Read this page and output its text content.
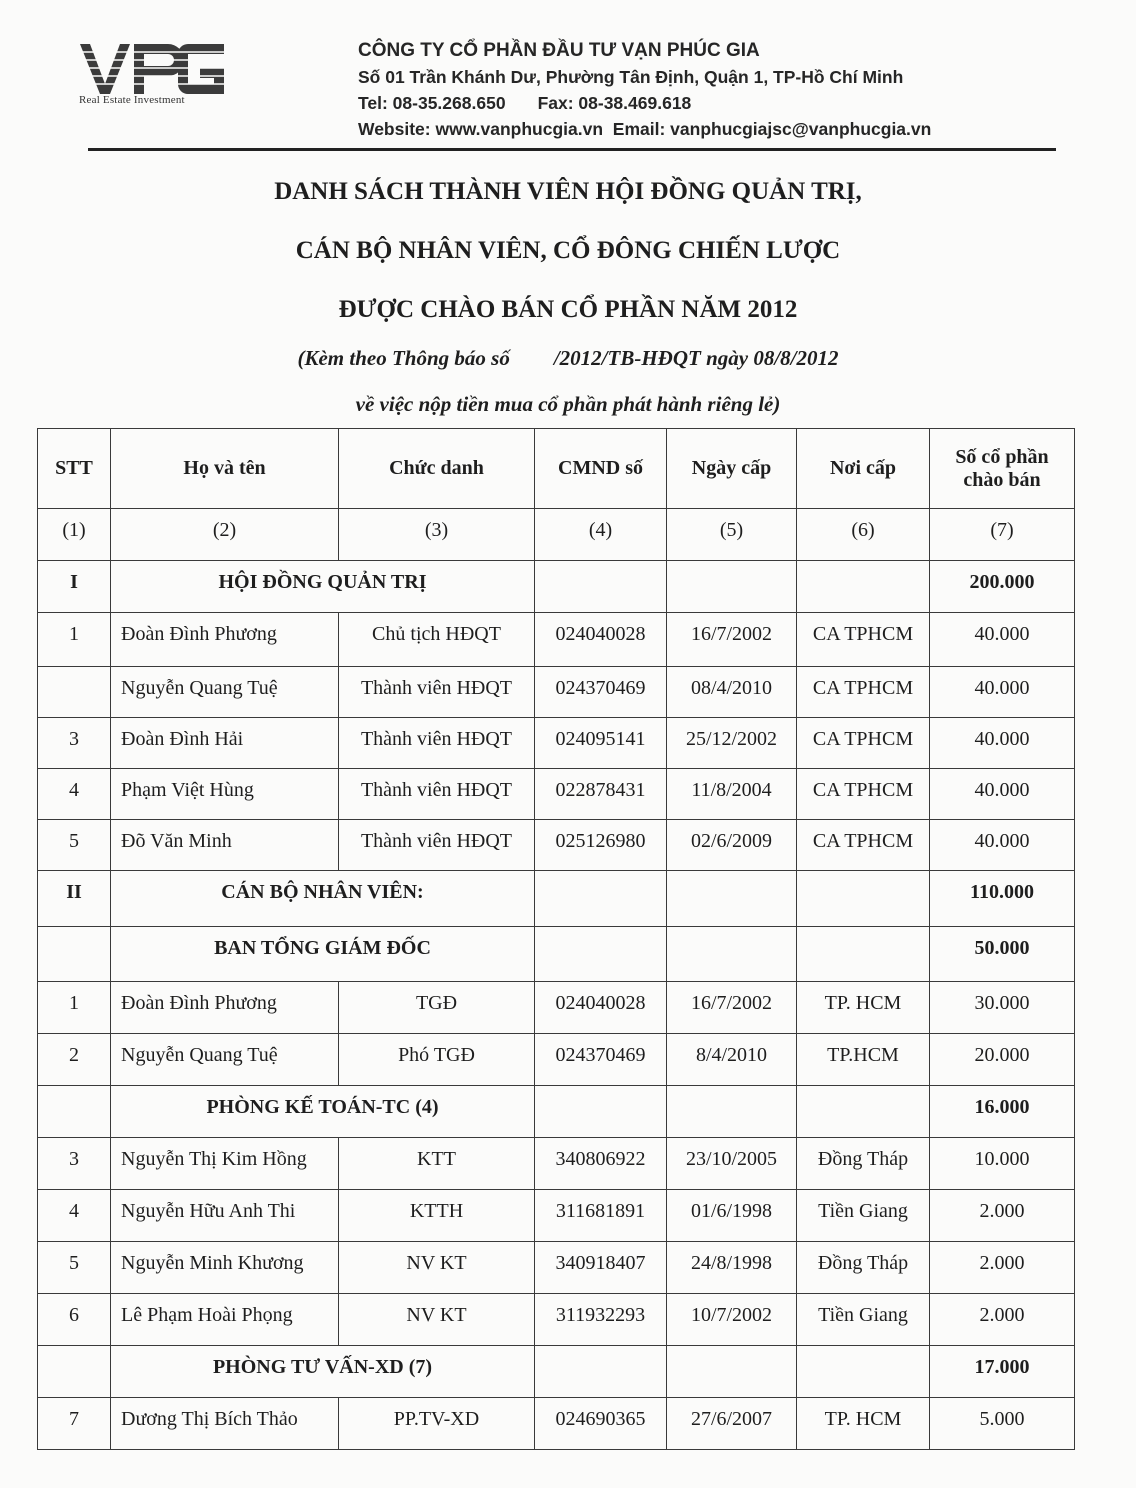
Real Estate Investment
CÔNG TY CỔ PHẦN ĐẦU TƯ VẠN PHÚC GIA
Số 01 Trần Khánh Dư, Phường Tân Định, Quận 1, TP-Hồ Chí Minh
Tel: 08-35.268.650 Fax: 08-38.469.618
Website: www.vanphucgia.vn Email: vanphucgiajsc@vanphucgia.vn
DANH SÁCH THÀNH VIÊN HỘI ĐỒNG QUẢN TRỊ,
CÁN BỘ NHÂN VIÊN, CỔ ĐÔNG CHIẾN LƯỢC
ĐƯỢC CHÀO BÁN CỔ PHẦN NĂM 2012
(Kèm theo Thông báo số /2012/TB-HĐQT ngày 08/8/2012
về việc nộp tiền mua cổ phần phát hành riêng lẻ)
STT	Họ và tên	Chức danh	CMND số	Ngày cấp	Nơi cấp	Số cổ phần
chào bán

(1)	(2)	(3)	(4)	(5)	(6)	(7)
I	HỘI ĐỒNG QUẢN TRỊ					200.000
1	Đoàn Đình Phương	Chủ tịch HĐQT	024040028	16/7/2002	CA TPHCM	40.000
	Nguyễn Quang Tuệ	Thành viên HĐQT	024370469	08/4/2010	CA TPHCM	40.000
3	Đoàn Đình Hải	Thành viên HĐQT	024095141	25/12/2002	CA TPHCM	40.000
4	Phạm Việt Hùng	Thành viên HĐQT	022878431	11/8/2004	CA TPHCM	40.000
5	Đõ Văn Minh	Thành viên HĐQT	025126980	02/6/2009	CA TPHCM	40.000
II	CÁN BỘ NHÂN VIÊN:					110.000
	BAN TỔNG GIÁM ĐỐC					50.000
1	Đoàn Đình Phương	TGĐ	024040028	16/7/2002	TP. HCM	30.000
2	Nguyễn Quang Tuệ	Phó TGĐ	024370469	8/4/2010	TP.HCM	20.000
	PHÒNG KẾ TOÁN-TC (4)					16.000
3	Nguyễn Thị Kim Hồng	KTT	340806922	23/10/2005	Đồng Tháp	10.000
4	Nguyễn Hữu Anh Thi	KTTH	311681891	01/6/1998	Tiền Giang	2.000
5	Nguyễn Minh Khương	NV KT	340918407	24/8/1998	Đồng Tháp	2.000
6	Lê Phạm Hoài Phọng	NV KT	311932293	10/7/2002	Tiền Giang	2.000
	PHÒNG TƯ VẤN-XD (7)					17.000
7	Dương Thị Bích Thảo	PP.TV-XD	024690365	27/6/2007	TP. HCM	5.000
